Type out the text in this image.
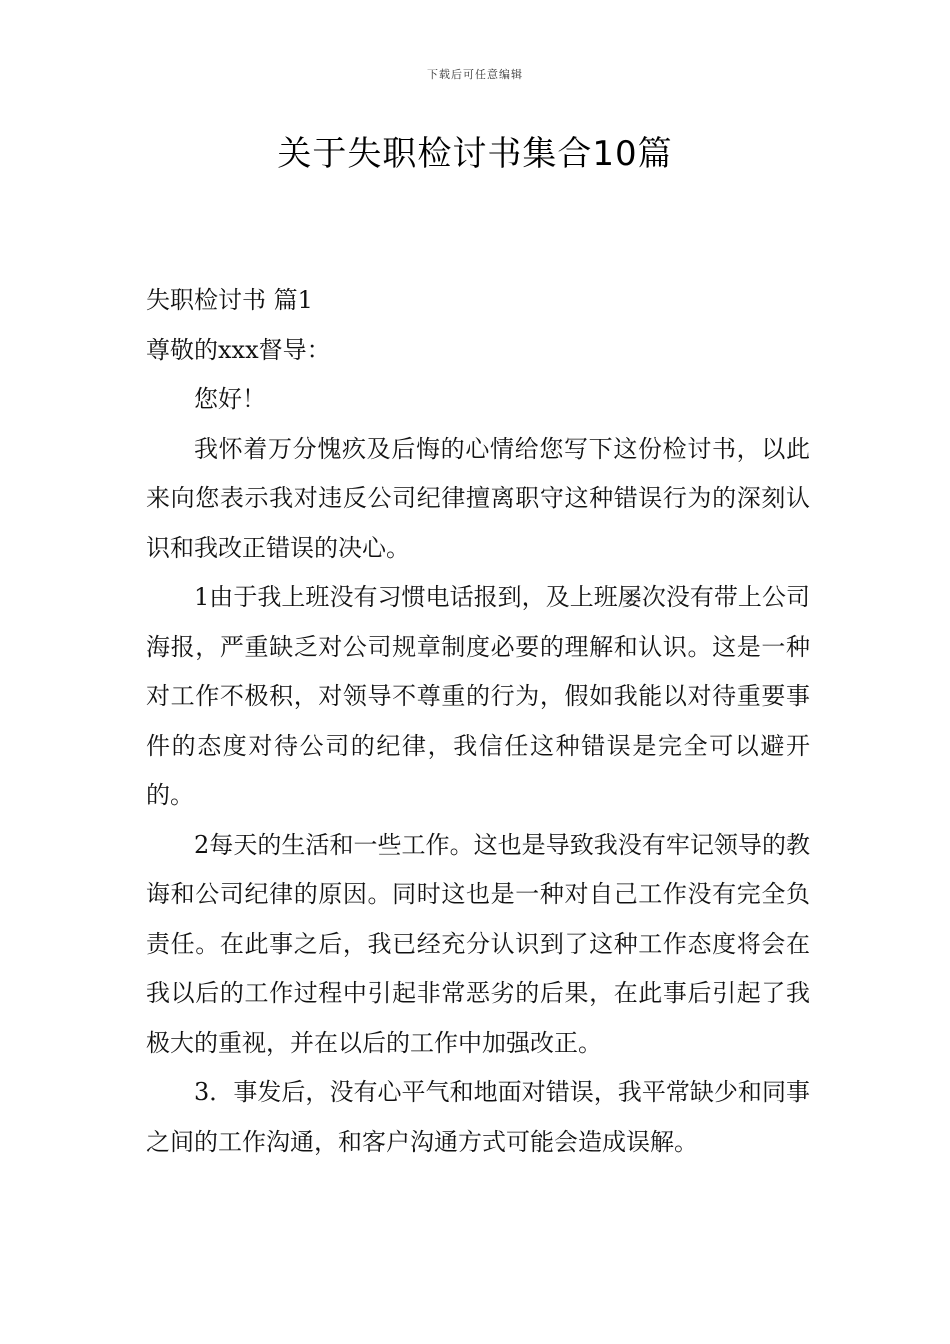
下载后可任意编辑
关于失职检讨书集合10篇

失职检讨书 篇1

尊敬的xxx督导：

您好！

我怀着万分愧疚及后悔的心情给您写下这份检讨书，以此来向您表示我对违反公司纪律擅离职守这种错误行为的深刻认识和我改正错误的决心。

1由于我上班没有习惯电话报到，及上班屡次没有带上公司海报，严重缺乏对公司规章制度必要的理解和认识。这是一种对工作不极积，对领导不尊重的行为，假如我能以对待重要事件的态度对待公司的纪律，我信任这种错误是完全可以避开的。

2每天的生活和一些工作。这也是导致我没有牢记领导的教诲和公司纪律的原因。同时这也是一种对自己工作没有完全负责任。在此事之后，我已经充分认识到了这种工作态度将会在我以后的工作过程中引起非常恶劣的后果，在此事后引起了我极大的重视，并在以后的工作中加强改正。

3．事发后，没有心平气和地面对错误，我平常缺少和同事之间的工作沟通，和客户沟通方式可能会造成误解。
